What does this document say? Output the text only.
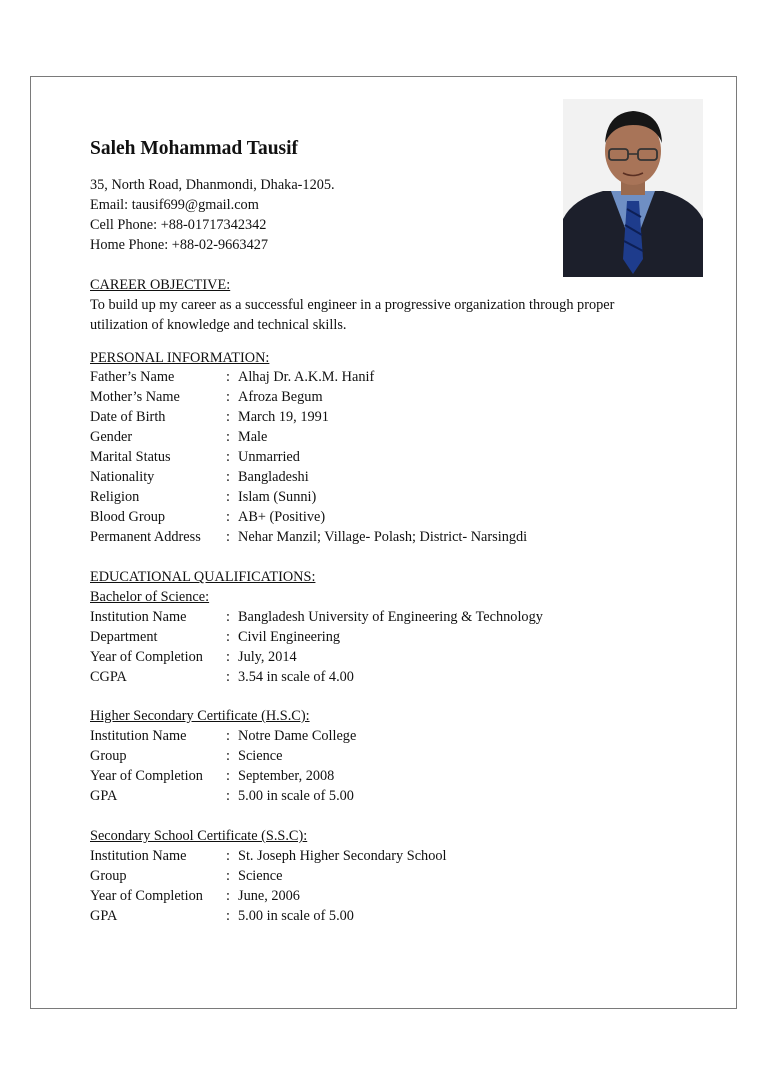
Saleh Mohammad Tausif
35, North Road, Dhanmondi, Dhaka-1205.
Email: tausif699@gmail.com
Cell Phone: +88-01717342342
Home Phone: +88-02-9663427
CAREER OBJECTIVE:
To build up my career as a successful engineer in a progressive organization through proper
utilization of knowledge and technical skills.
PERSONAL INFORMATION:
Father’s Name	: Alhaj Dr. A.K.M. Hanif
Mother’s Name	: Afroza Begum
Date of Birth	: March 19, 1991
Gender	: Male
Marital Status	: Unmarried
Nationality	: Bangladeshi
Religion	: Islam (Sunni)
Blood Group	: AB+ (Positive)
Permanent Address : Nehar Manzil; Village- Polash; District- Narsingdi
EDUCATIONAL QUALIFICATIONS:
Bachelor of Science:
Institution Name	: Bangladesh University of Engineering & Technology
Department	: Civil Engineering
Year of Completion : July, 2014
CGPA	: 3.54 in scale of 4.00
Higher Secondary Certificate (H.S.C):
Institution Name	: Notre Dame College
Group	: Science
Year of Completion : September, 2008
GPA	: 5.00 in scale of 5.00
Secondary School Certificate (S.S.C):
Institution Name	: St. Joseph Higher Secondary School
Group	: Science
Year of Completion : June, 2006
GPA	: 5.00 in scale of 5.00
